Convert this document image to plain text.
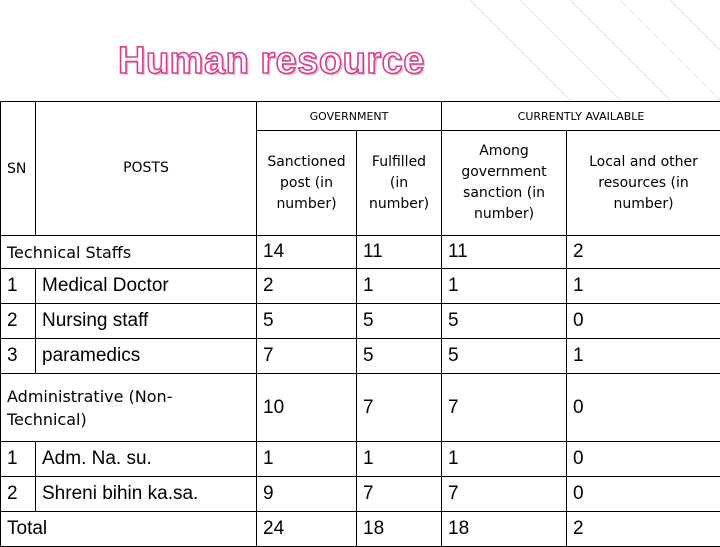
Human resource
SN	POSTS	GOVERNMENT		CURRENTLY AVAILABLE	
		Sanctioned post (in number)	Fulfilled (in number)	Among government sanction (in number)	Local and other resources (in number)
Technical Staffs		14	11	11	2
1	Medical Doctor	2	1	1	1
2	Nursing staff	5	5	5	0
3	paramedics	7	5	5	1
Administrative (Non-Technical)		10	7	7	0
1	Adm. Na. su.	1	1	1	0
2	Shreni bihin ka.sa.	9	7	7	0
Total		24	18	18	2
